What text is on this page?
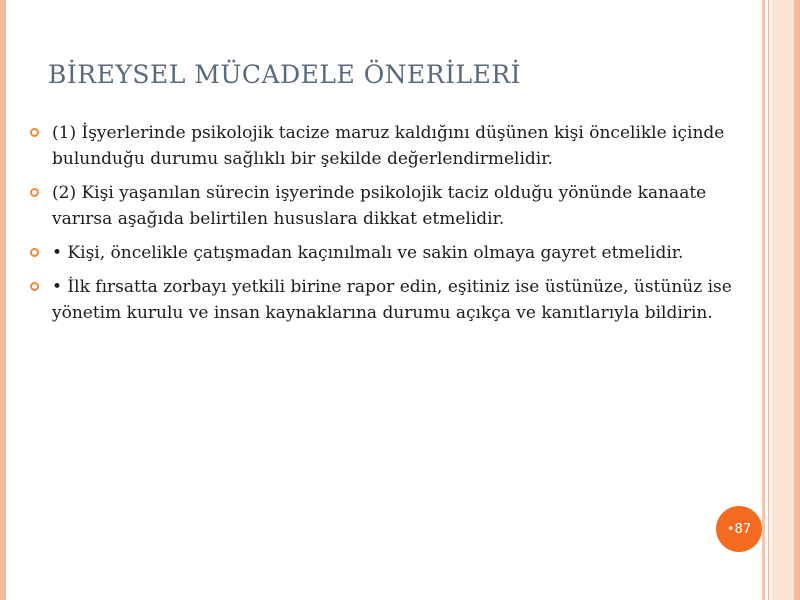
BİREYSEL MÜCADELE ÖNERİLERİ
(1) İşyerlerinde psikolojik tacize maruz kaldığını düşünen kişi öncelikle içinde bulunduğu durumu sağlıklı bir şekilde değerlendirmelidir.
(2) Kişi yaşanılan sürecin işyerinde psikolojik taciz olduğu yönünde kanaate varırsa aşağıda belirtilen hususlara dikkat etmelidir.
• Kişi, öncelikle çatışmadan kaçınılmalı ve sakin olmaya gayret etmelidir.
• İlk fırsatta zorbayı yetkili birine rapor edin, eşitiniz ise üstünüze, üstünüz ise yönetim kurulu ve insan kaynaklarına durumu açıkça ve kanıtlarıyla bildirin.
•87
